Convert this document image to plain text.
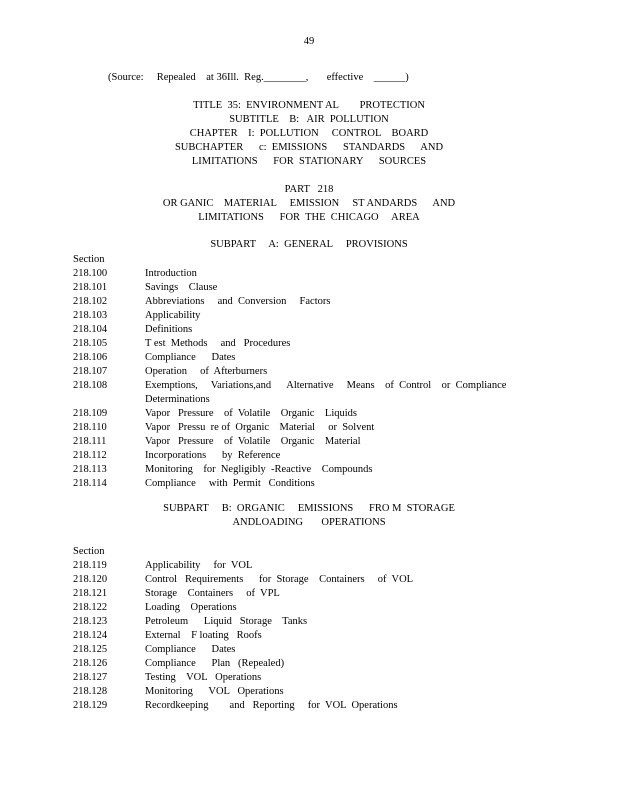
49
(Source:     Repealed    at 36Ill.  Reg.________,       effective    ______)
TITLE  35:  ENVIRONMENT AL        PROTECTION
SUBTITLE    B:   AIR  POLLUTION
CHAPTER    I:  POLLUTION     CONTROL    BOARD
SUBCHAPTER      c:  EMISSIONS      STANDARDS      AND
LIMITATIONS      FOR  STATIONARY      SOURCES
PART   218
OR GANIC    MATERIAL     EMISSION     ST ANDARDS      AND
LIMITATIONS      FOR  THE  CHICAGO     AREA
SUBPART     A:  GENERAL     PROVISIONS
Section
218.100	Introduction
218.101	Savings    Clause
218.102	Abbreviations     and  Conversion     Factors
218.103	Applicability
218.104	Definitions
218.105	T est  Methods     and   Procedures
218.106	Compliance      Dates
218.107	Operation     of  Afterburners
218.108	Exemptions,     Variations,and      Alternative     Means    of  Control    or  Compliance
Determinations
218.109	Vapor   Pressure    of  Volatile    Organic    Liquids
218.110	Vapor   Pressu  re of  Organic    Material     or  Solvent
218.111	Vapor   Pressure    of  Volatile    Organic    Material
218.112	Incorporations      by  Reference
218.113	Monitoring    for  Negligibly  -Reactive    Compounds
218.114	Compliance     with  Permit   Conditions
SUBPART     B:  ORGANIC     EMISSIONS      FRO M  STORAGE
ANDLOADING       OPERATIONS
Section
218.119	Applicability     for  VOL
218.120	Control   Requirements      for  Storage    Containers     of  VOL
218.121	Storage    Containers     of  VPL
218.122	Loading    Operations
218.123	Petroleum      Liquid   Storage    Tanks
218.124	External    F loating   Roofs
218.125	Compliance      Dates
218.126	Compliance      Plan   (Repealed)
218.127	Testing    VOL   Operations
218.128	Monitoring      VOL   Operations
218.129	Recordkeeping        and   Reporting     for  VOL  Operations
